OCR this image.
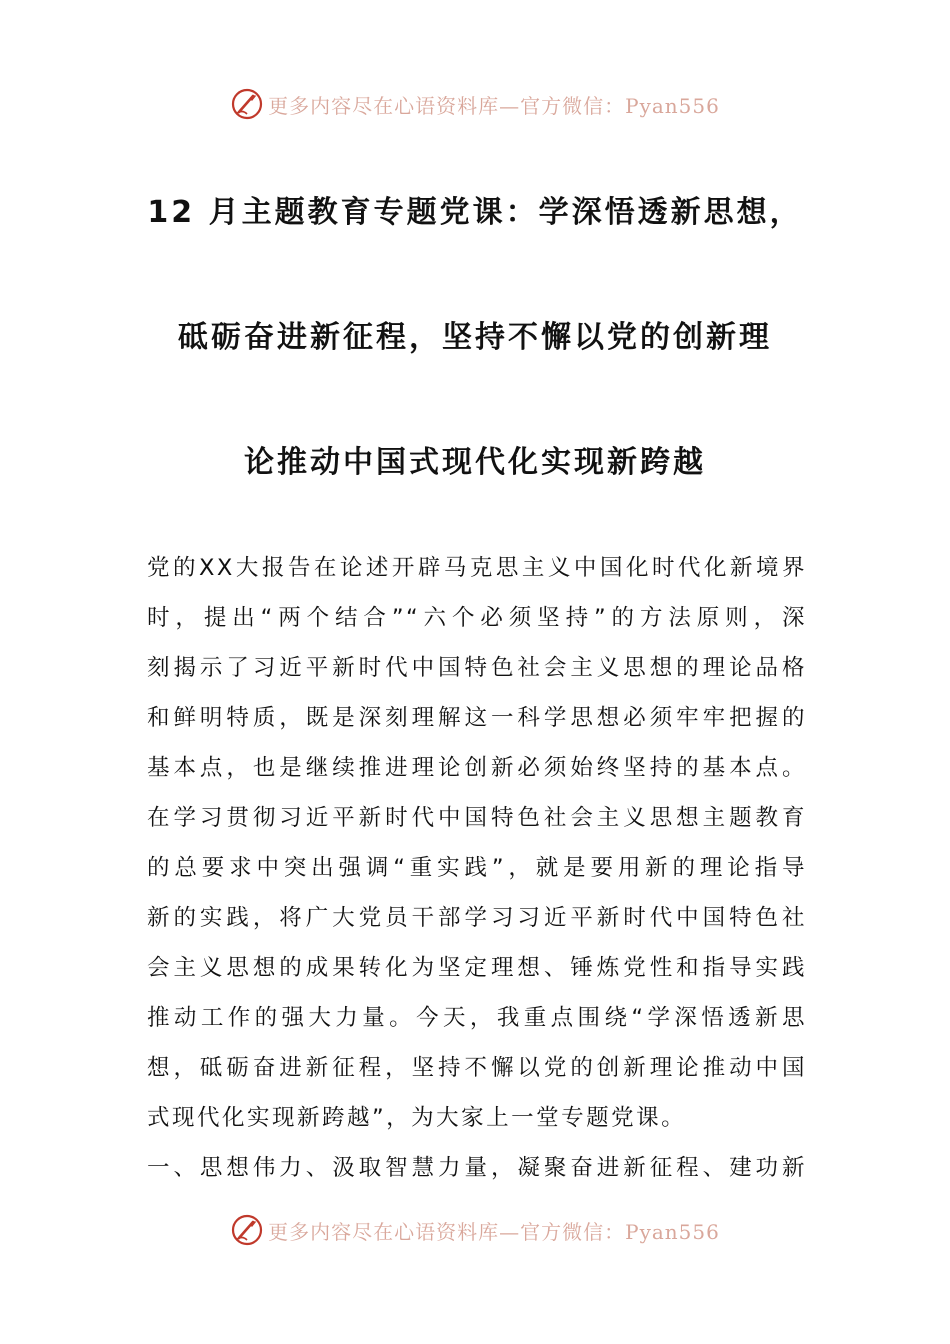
更多内容尽在心语资料库—官方微信：Pyan556
12 月主题教育专题党课：学深悟透新思想，
砥砺奋进新征程，坚持不懈以党的创新理
论推动中国式现代化实现新跨越
党的XX大报告在论述开辟马克思主义中国化时代化新境界
时，提出“两个结合”“六个必须坚持”的方法原则，深
刻揭示了习近平新时代中国特色社会主义思想的理论品格
和鲜明特质，既是深刻理解这一科学思想必须牢牢把握的
基本点，也是继续推进理论创新必须始终坚持的基本点。
在学习贯彻习近平新时代中国特色社会主义思想主题教育
的总要求中突出强调“重实践”，就是要用新的理论指导
新的实践，将广大党员干部学习习近平新时代中国特色社
会主义思想的成果转化为坚定理想、锤炼党性和指导实践
推动工作的强大力量。今天，我重点围绕“学深悟透新思
想，砥砺奋进新征程，坚持不懈以党的创新理论推动中国
式现代化实现新跨越”，为大家上一堂专题党课。
一、思想伟力、汲取智慧力量，凝聚奋进新征程、建功新
更多内容尽在心语资料库—官方微信：Pyan556
